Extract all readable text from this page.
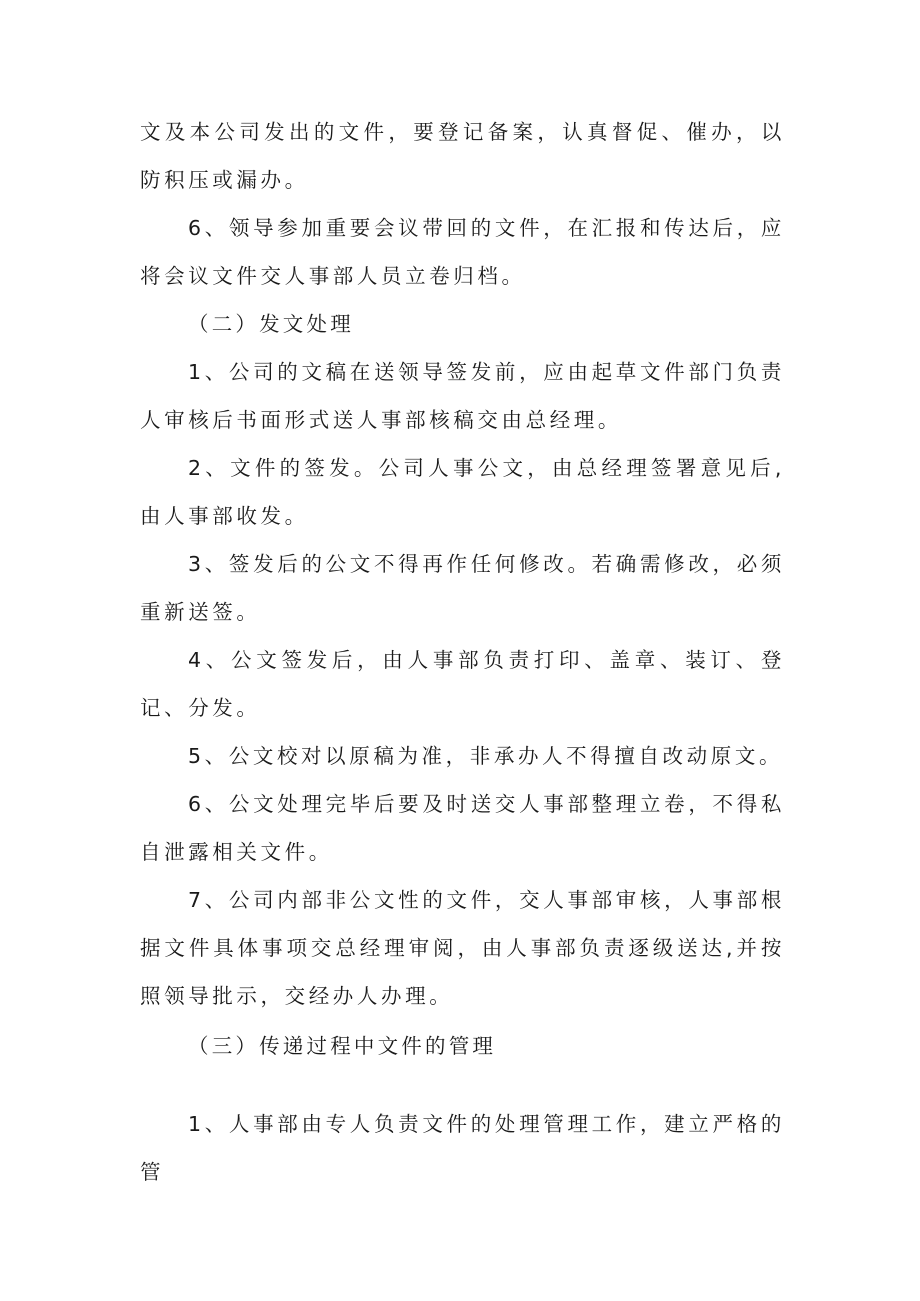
文及本公司发出的文件，要登记备案，认真督促、催办，以防积压或漏办。

6、领导参加重要会议带回的文件，在汇报和传达后，应将会议文件交人事部人员立卷归档。

（二）发文处理

1、公司的文稿在送领导签发前，应由起草文件部门负责人审核后书面形式送人事部核稿交由总经理。

2、文件的签发。公司人事公文，由总经理签署意见后,由人事部收发。

3、签发后的公文不得再作任何修改。若确需修改，必须重新送签。

4、公文签发后，由人事部负责打印、盖章、装订、登记、分发。

5、公文校对以原稿为准，非承办人不得擅自改动原文。

6、公文处理完毕后要及时送交人事部整理立卷，不得私自泄露相关文件。

7、公司内部非公文性的文件，交人事部审核，人事部根据文件具体事项交总经理审阅，由人事部负责逐级送达,并按照领导批示，交经办人办理。

（三）传递过程中文件的管理

1、人事部由专人负责文件的处理管理工作，建立严格的管
